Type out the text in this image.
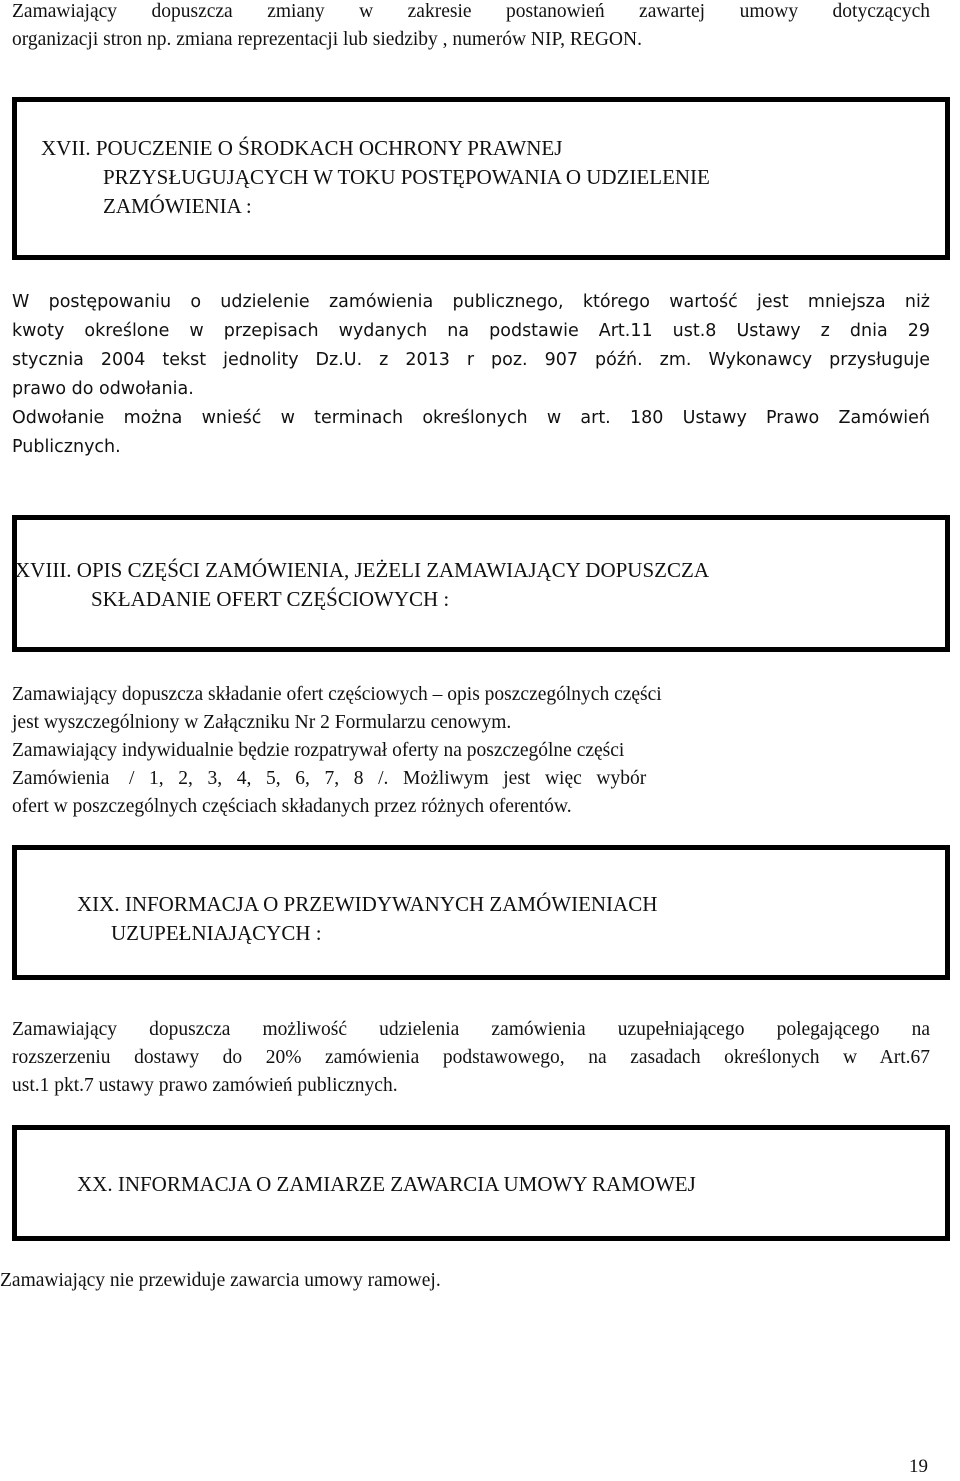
Zamawiający dopuszcza zmiany w zakresie postanowień zawartej umowy dotyczących

organizacji stron np. zmiana reprezentacji lub siedziby , numerów NIP, REGON.

XVII. POUCZENIE O ŚRODKACH OCHRONY PRAWNEJ
PRZYSŁUGUJĄCYCH W TOKU POSTĘPOWANIA O UDZIELENIE
ZAMÓWIENIA :

W postępowaniu o udzielenie zamówienia publicznego, którego wartość jest mniejsza niż

kwoty określone w przepisach wydanych na podstawie Art.11 ust.8 Ustawy z dnia 29

stycznia 2004 tekst jednolity Dz.U. z 2013 r poz. 907 późń. zm. Wykonawcy przysługuje

prawo do odwołania.

Odwołanie można wnieść w terminach określonych w art. 180 Ustawy Prawo Zamówień

Publicznych.

XVIII. OPIS CZĘŚCI ZAMÓWIENIA, JEŻELI ZAMAWIAJĄCY DOPUSZCZA
SKŁADANIE OFERT CZĘŚCIOWYCH :

Zamawiający dopuszcza składanie ofert częściowych – opis poszczególnych części

jest wyszczególniony w Załączniku Nr 2 Formularzu cenowym.

Zamawiający indywidualnie będzie rozpatrywał oferty na poszczególne części

Zamówienia    /   1,   2,   3,   4,   5,   6,   7,   8   /.   Możliwym   jest   więc   wybór

ofert w poszczególnych częściach składanych przez różnych oferentów.

XIX. INFORMACJA O PRZEWIDYWANYCH ZAMÓWIENIACH
UZUPEŁNIAJĄCYCH :

Zamawiający dopuszcza możliwość udzielenia zamówienia uzupełniającego polegającego na

rozszerzeniu dostawy do 20% zamówienia podstawowego, na zasadach określonych w Art.67

ust.1 pkt.7 ustawy prawo zamówień publicznych.

XX. INFORMACJA O ZAMIARZE ZAWARCIA UMOWY RAMOWEJ

Zamawiający nie przewiduje zawarcia umowy ramowej.

19
